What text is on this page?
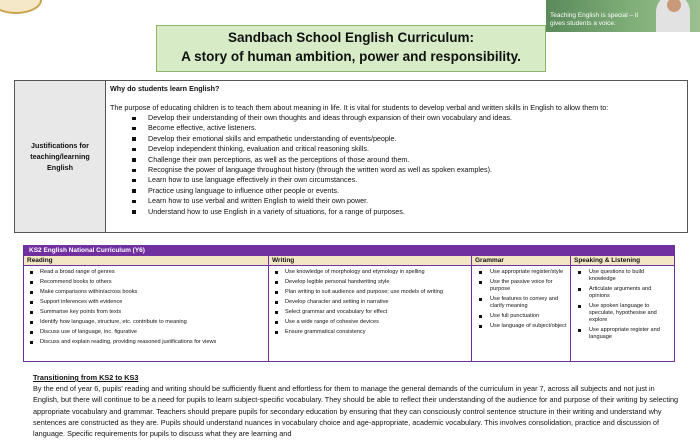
Teaching English is special – it gives students a voice.
Sandbach School English Curriculum:
A story of human ambition, power and responsibility.
Justifications for teaching/learning English
Why do students learn English?
The purpose of educating children is to teach them about meaning in life. It is vital for students to develop verbal and written skills in English to allow them to:
Develop their understanding of their own thoughts and ideas through expansion of their own vocabulary and ideas.
Become effective, active listeners.
Develop their emotional skills and empathetic understanding of events/people.
Develop independent thinking, evaluation and critical reasoning skills.
Challenge their own perceptions, as well as the perceptions of those around them.
Recognise the power of language throughout history (through the written word as well as spoken examples).
Learn how to use language effectively in their own circumstances.
Practice using language to influence other people or events.
Learn how to use verbal and written English to wield their own power.
Understand how to use English in a variety of situations, for a range of purposes.
KS2 English National Curriculum (Y6)
Reading
Read a broad range of genres
Recommend books to others
Make comparisons within/across books
Support inferences with evidence
Summarise key points from texts
Identify how language, structure, etc. contribute to meaning
Discuss use of language, inc. figurative
Discuss and explain reading, providing reasoned justifications for views
Writing
Use knowledge of morphology and etymology in spelling
Develop legible personal handwriting style
Plan writing to suit audience and purpose; use models of writing
Develop character and setting in narrative
Select grammar and vocabulary for effect
Use a wide range of cohesive devices
Ensure grammatical consistency
Grammar
Use appropriate register/style
Use the passive voice for purpose
Use features to convey and clarify meaning
Use full punctuation
Use language of subject/object
Speaking & Listening
Use questions to build knowledge
Articulate arguments and opinions
Use spoken language to speculate, hypothesise and explore
Use appropriate register and language
Transitioning from KS2 to KS3

By the end of year 6, pupils' reading and writing should be sufficiently fluent and effortless for them to manage the general demands of the curriculum in year 7, across all subjects and not just in English, but there will continue to be a need for pupils to learn subject-specific vocabulary. They should be able to reflect their understanding of the audience for and purpose of their writing by selecting appropriate vocabulary and grammar. Teachers should prepare pupils for secondary education by ensuring that they can consciously control sentence structure in their writing and understand why sentences are constructed as they are. Pupils should understand nuances in vocabulary choice and age-appropriate, academic vocabulary. This involves consolidation, practice and discussion of language. Specific requirements for pupils to discuss what they are learning and
